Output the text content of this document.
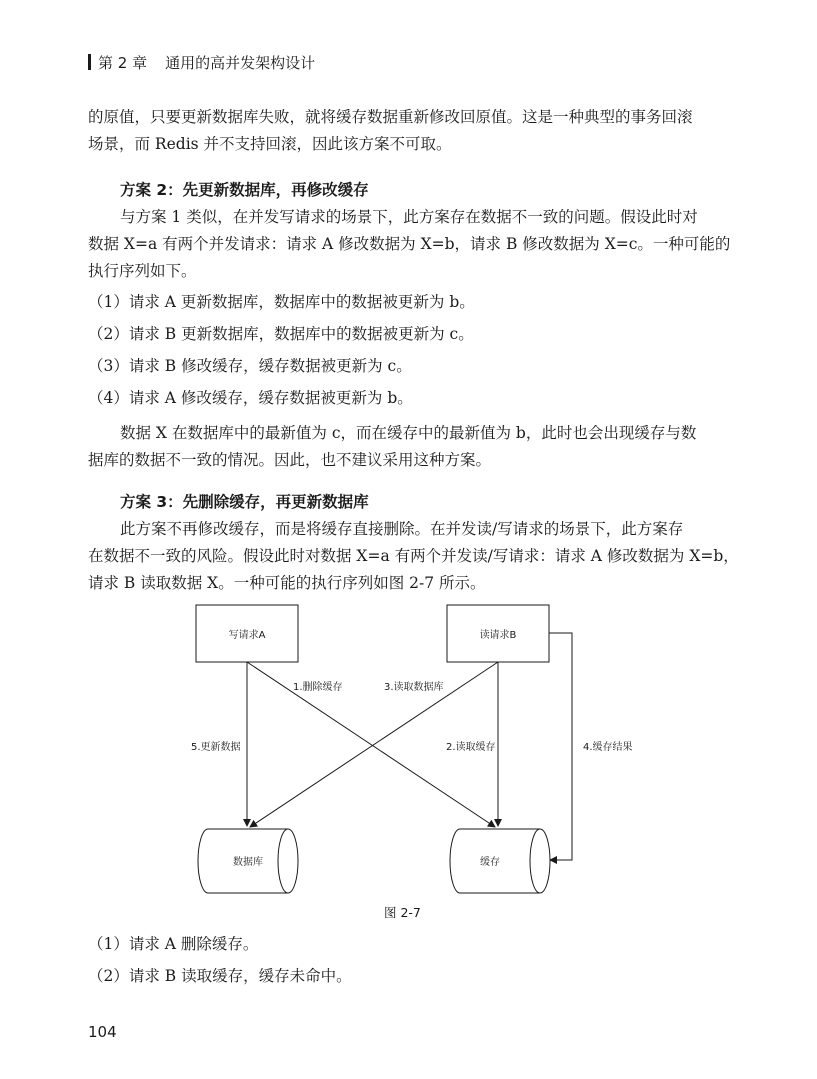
第 2 章 通用的高并发架构设计
的原值，只要更新数据库失败，就将缓存数据重新修改回原值。这是一种典型的事务回滚
场景，而 Redis 并不支持回滚，因此该方案不可取。
方案 2：先更新数据库，再修改缓存
与方案 1 类似，在并发写请求的场景下，此方案存在数据不一致的问题。假设此时对
数据 X=a 有两个并发请求：请求 A 修改数据为 X=b，请求 B 修改数据为 X=c。一种可能的
执行序列如下。
（1）请求 A 更新数据库，数据库中的数据被更新为 b。
（2）请求 B 更新数据库，数据库中的数据被更新为 c。
（3）请求 B 修改缓存，缓存数据被更新为 c。
（4）请求 A 修改缓存，缓存数据被更新为 b。
数据 X 在数据库中的最新值为 c，而在缓存中的最新值为 b，此时也会出现缓存与数
据库的数据不一致的情况。因此，也不建议采用这种方案。
方案 3：先删除缓存，再更新数据库
此方案不再修改缓存，而是将缓存直接删除。在并发读/写请求的场景下，此方案存
在数据不一致的风险。假设此时对数据 X=a 有两个并发读/写请求：请求 A 修改数据为 X=b，
请求 B 读取数据 X。一种可能的执行序列如图 2-7 所示。
写请求A	读请求B
1.删除缓存	3.读取数据库
5.更新数据	2.读取缓存	4.缓存结果
数据库	缓存
图 2-7
（1）请求 A 删除缓存。
（2）请求 B 读取缓存，缓存未命中。
104
